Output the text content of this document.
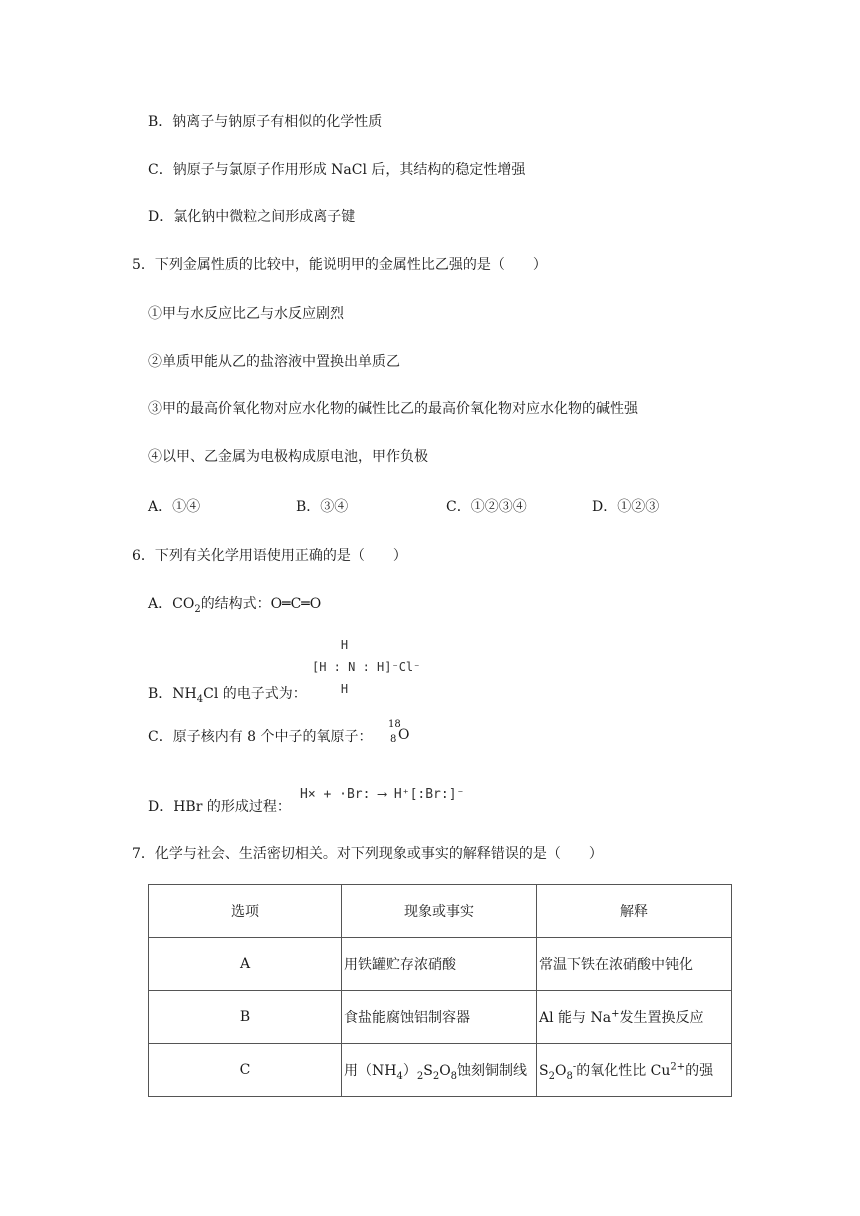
B．钠离子与钠原子有相似的化学性质
C．钠原子与氯原子作用形成 NaCl 后，其结构的稳定性增强
D．氯化钠中微粒之间形成离子键
5．下列金属性质的比较中，能说明甲的金属性比乙强的是（　　）
①甲与水反应比乙与水反应剧烈
②单质甲能从乙的盐溶液中置换出单质乙
③甲的最高价氧化物对应水化物的碱性比乙的最高价氧化物对应水化物的碱性强
④以甲、乙金属为电极构成原电池，甲作负极
A．①④	B．③④	C．①②③④	D．①②③
6．下列有关化学用语使用正确的是（　　）
A．$CO_2$的结构式：O═C═O
H
[H : N : H]⁻Cl⁻
H
B．$NH_4Cl$ 的电子式为：
C．原子核内有 8 个中子的氧原子：
18
8 O
H× + ·Br: ⟶ H⁺[:Br:]⁻
D．HBr 的形成过程：
7．化学与社会、生活密切相关。对下列现象或事实的解释错误的是（　　）
选项	现象或事实	解释
A	用铁罐贮存浓硝酸	常温下铁在浓硝酸中钝化
B	食盐能腐蚀铝制容器	Al 能与 Na+发生置换反应
C	用$(NH_4)_2S_2O_8$蚀刻铜制线	$S_2O_8^-$的氧化性比 $Cu^{2+}$的强
